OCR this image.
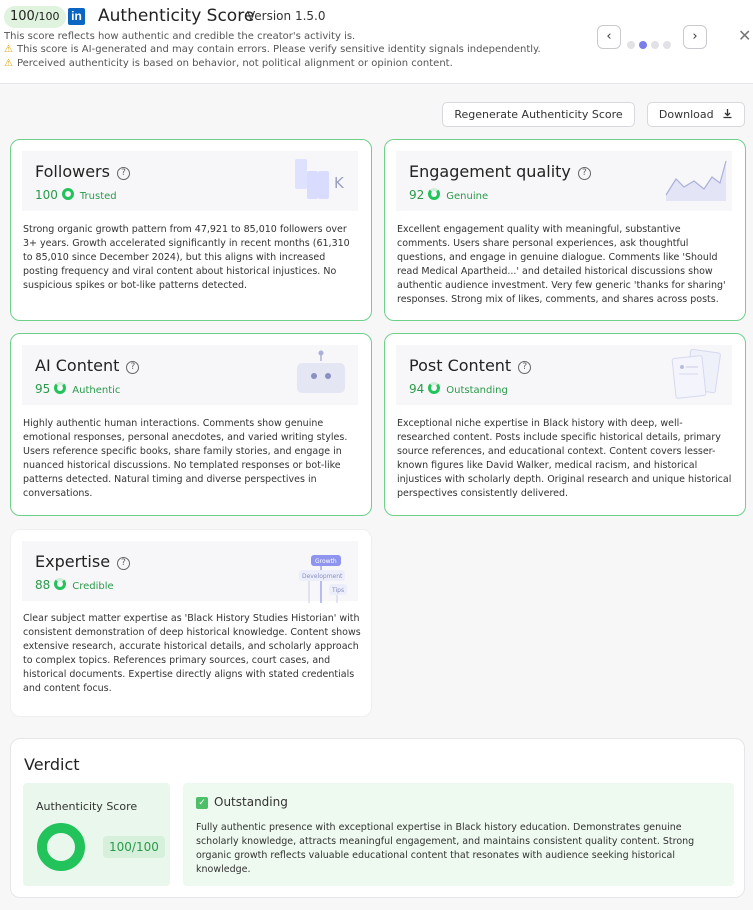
100/100 in Authenticity Score
Version 1.5.0
This score reflects how authentic and credible the creator's activity is.
⚠ This score is AI-generated and may contain errors. Please verify sensitive identity signals independently.
⚠ Perceived authenticity is based on behavior, not political alignment or opinion content.
‹	›	✕
Regenerate Authenticity Score	Download
Followers ?
100 Trusted
K
Strong organic growth pattern from 47,921 to 85,010 followers over 3+ years. Growth accelerated significantly in recent months (61,310 to 85,010 since December 2024), but this aligns with increased posting frequency and viral content about historical injustices. No suspicious spikes or bot-like patterns detected.
Engagement quality ?
92 Genuine
Excellent engagement quality with meaningful, substantive comments. Users share personal experiences, ask thoughtful questions, and engage in genuine dialogue. Comments like 'Should read Medical Apartheid...' and detailed historical discussions show authentic audience investment. Very few generic 'thanks for sharing' responses. Strong mix of likes, comments, and shares across posts.
AI Content ?
95 Authentic
Highly authentic human interactions. Comments show genuine emotional responses, personal anecdotes, and varied writing styles. Users reference specific books, share family stories, and engage in nuanced historical discussions. No templated responses or bot-like patterns detected. Natural timing and diverse perspectives in conversations.
Post Content ?
94 Outstanding
Exceptional niche expertise in Black history with deep, well-researched content. Posts include specific historical details, primary source references, and educational context. Content covers lesser-known figures like David Walker, medical racism, and historical injustices with scholarly depth. Original research and unique historical perspectives consistently delivered.
Expertise ?
88 Credible
Growth
Development
Tips
Clear subject matter expertise as 'Black History Studies Historian' with consistent demonstration of deep historical knowledge. Content shows extensive research, accurate historical details, and scholarly approach to complex topics. References primary sources, court cases, and historical documents. Expertise directly aligns with stated credentials and content focus.
Verdict
Authenticity Score
100/100
✓ Outstanding
Fully authentic presence with exceptional expertise in Black history education. Demonstrates genuine scholarly knowledge, attracts meaningful engagement, and maintains consistent quality content. Strong organic growth reflects valuable educational content that resonates with audience seeking historical knowledge.
